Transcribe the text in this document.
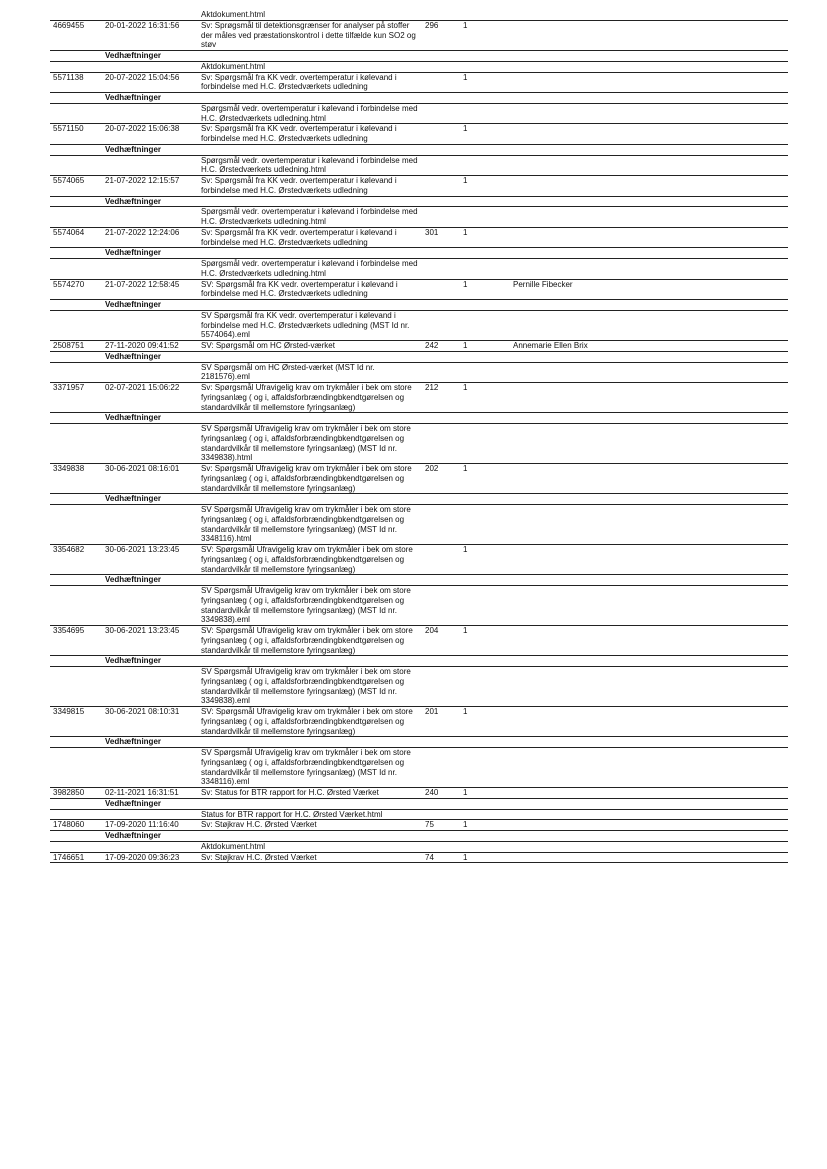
		Aktdokument.html			
4669455	20-01-2022 16:31:56	Sv: Sprøgsmål til detektionsgrænser for analyser på stoffer der måles ved præstationskontrol i dette tilfælde kun SO2 og støv	296	1	
	Vedhæftninger				
		Aktdokument.html			
5571138	20-07-2022 15:04:56	Sv: Spørgsmål fra KK vedr. overtemperatur i kølevand i forbindelse med H.C. Ørstedværkets udledning		1	
	Vedhæftninger				
		Spørgsmål vedr. overtemperatur i kølevand i forbindelse med H.C. Ørstedværkets udledning.html			
5571150	20-07-2022 15:06:38	Sv: Spørgsmål fra KK vedr. overtemperatur i kølevand i forbindelse med H.C. Ørstedværkets udledning		1	
	Vedhæftninger				
		Spørgsmål vedr. overtemperatur i kølevand i forbindelse med H.C. Ørstedværkets udledning.html			
5574065	21-07-2022 12:15:57	Sv: Spørgsmål fra KK vedr. overtemperatur i kølevand i forbindelse med H.C. Ørstedværkets udledning		1	
	Vedhæftninger				
		Spørgsmål vedr. overtemperatur i kølevand i forbindelse med H.C. Ørstedværkets udledning.html			
5574064	21-07-2022 12:24:06	Sv: Spørgsmål fra KK vedr. overtemperatur i kølevand i forbindelse med H.C. Ørstedværkets udledning	301	1	
	Vedhæftninger				
		Spørgsmål vedr. overtemperatur i kølevand i forbindelse med H.C. Ørstedværkets udledning.html			
5574270	21-07-2022 12:58:45	SV: Spørgsmål fra KK vedr. overtemperatur i kølevand i forbindelse med H.C. Ørstedværkets udledning		1	Pernille Fibecker
	Vedhæftninger				
		SV Spørgsmål fra KK vedr. overtemperatur i kølevand i forbindelse med H.C. Ørstedværkets udledning (MST Id nr. 5574064).eml			
2508751	27-11-2020 09:41:52	SV: Spørgsmål om HC Ørsted-værket	242	1	Annemarie Ellen Brix
	Vedhæftninger				
		SV Spørgsmål om HC Ørsted-værket (MST Id nr. 2181576).eml			
3371957	02-07-2021 15:06:22	Sv: Spørgsmål Ufravigelig krav om trykmåler i bek om store fyringsanlæg ( og i, affaldsforbrændingbkendtgørelsen og standardvilkår til mellemstore fyringsanlæg)	212	1	
	Vedhæftninger				
		SV Spørgsmål Ufravigelig krav om trykmåler i bek om store fyringsanlæg ( og i, affaldsforbrændingbkendtgørelsen og standardvilkår til mellemstore fyringsanlæg) (MST Id nr. 3349838).html			
3349838	30-06-2021 08:16:01	Sv: Spørgsmål Ufravigelig krav om trykmåler i bek om store fyringsanlæg ( og i, affaldsforbrændingbkendtgørelsen og standardvilkår til mellemstore fyringsanlæg)	202	1	
	Vedhæftninger				
		SV Spørgsmål Ufravigelig krav om trykmåler i bek om store fyringsanlæg ( og i, affaldsforbrændingbkendtgørelsen og standardvilkår til mellemstore fyringsanlæg) (MST Id nr. 3348116).html			
3354682	30-06-2021 13:23:45	SV: Spørgsmål Ufravigelig krav om trykmåler i bek om store fyringsanlæg ( og i, affaldsforbrændingbkendtgørelsen og standardvilkår til mellemstore fyringsanlæg)		1	
	Vedhæftninger				
		SV Spørgsmål Ufravigelig krav om trykmåler i bek om store fyringsanlæg ( og i, affaldsforbrændingbkendtgørelsen og standardvilkår til mellemstore fyringsanlæg) (MST Id nr. 3349838).eml			
3354695	30-06-2021 13:23:45	SV: Spørgsmål Ufravigelig krav om trykmåler i bek om store fyringsanlæg ( og i, affaldsforbrændingbkendtgørelsen og standardvilkår til mellemstore fyringsanlæg)	204	1	
	Vedhæftninger				
		SV Spørgsmål Ufravigelig krav om trykmåler i bek om store fyringsanlæg ( og i, affaldsforbrændingbkendtgørelsen og standardvilkår til mellemstore fyringsanlæg) (MST Id nr. 3349838).eml			
3349815	30-06-2021 08:10:31	SV: Spørgsmål Ufravigelig krav om trykmåler i bek om store fyringsanlæg ( og i, affaldsforbrændingbkendtgørelsen og standardvilkår til mellemstore fyringsanlæg)	201	1	
	Vedhæftninger				
		SV Spørgsmål Ufravigelig krav om trykmåler i bek om store fyringsanlæg ( og i, affaldsforbrændingbkendtgørelsen og standardvilkår til mellemstore fyringsanlæg) (MST Id nr. 3348116).eml			
3982850	02-11-2021 16:31:51	Sv: Status for BTR rapport for H.C. Ørsted Værket	240	1	
	Vedhæftninger				
		Status for BTR rapport for H.C. Ørsted Værket.html			
1748060	17-09-2020 11:16:40	Sv: Støjkrav H.C. Ørsted Værket	75	1	
	Vedhæftninger				
		Aktdokument.html			
1746651	17-09-2020 09:36:23	Sv: Støjkrav H.C. Ørsted Værket	74	1	
